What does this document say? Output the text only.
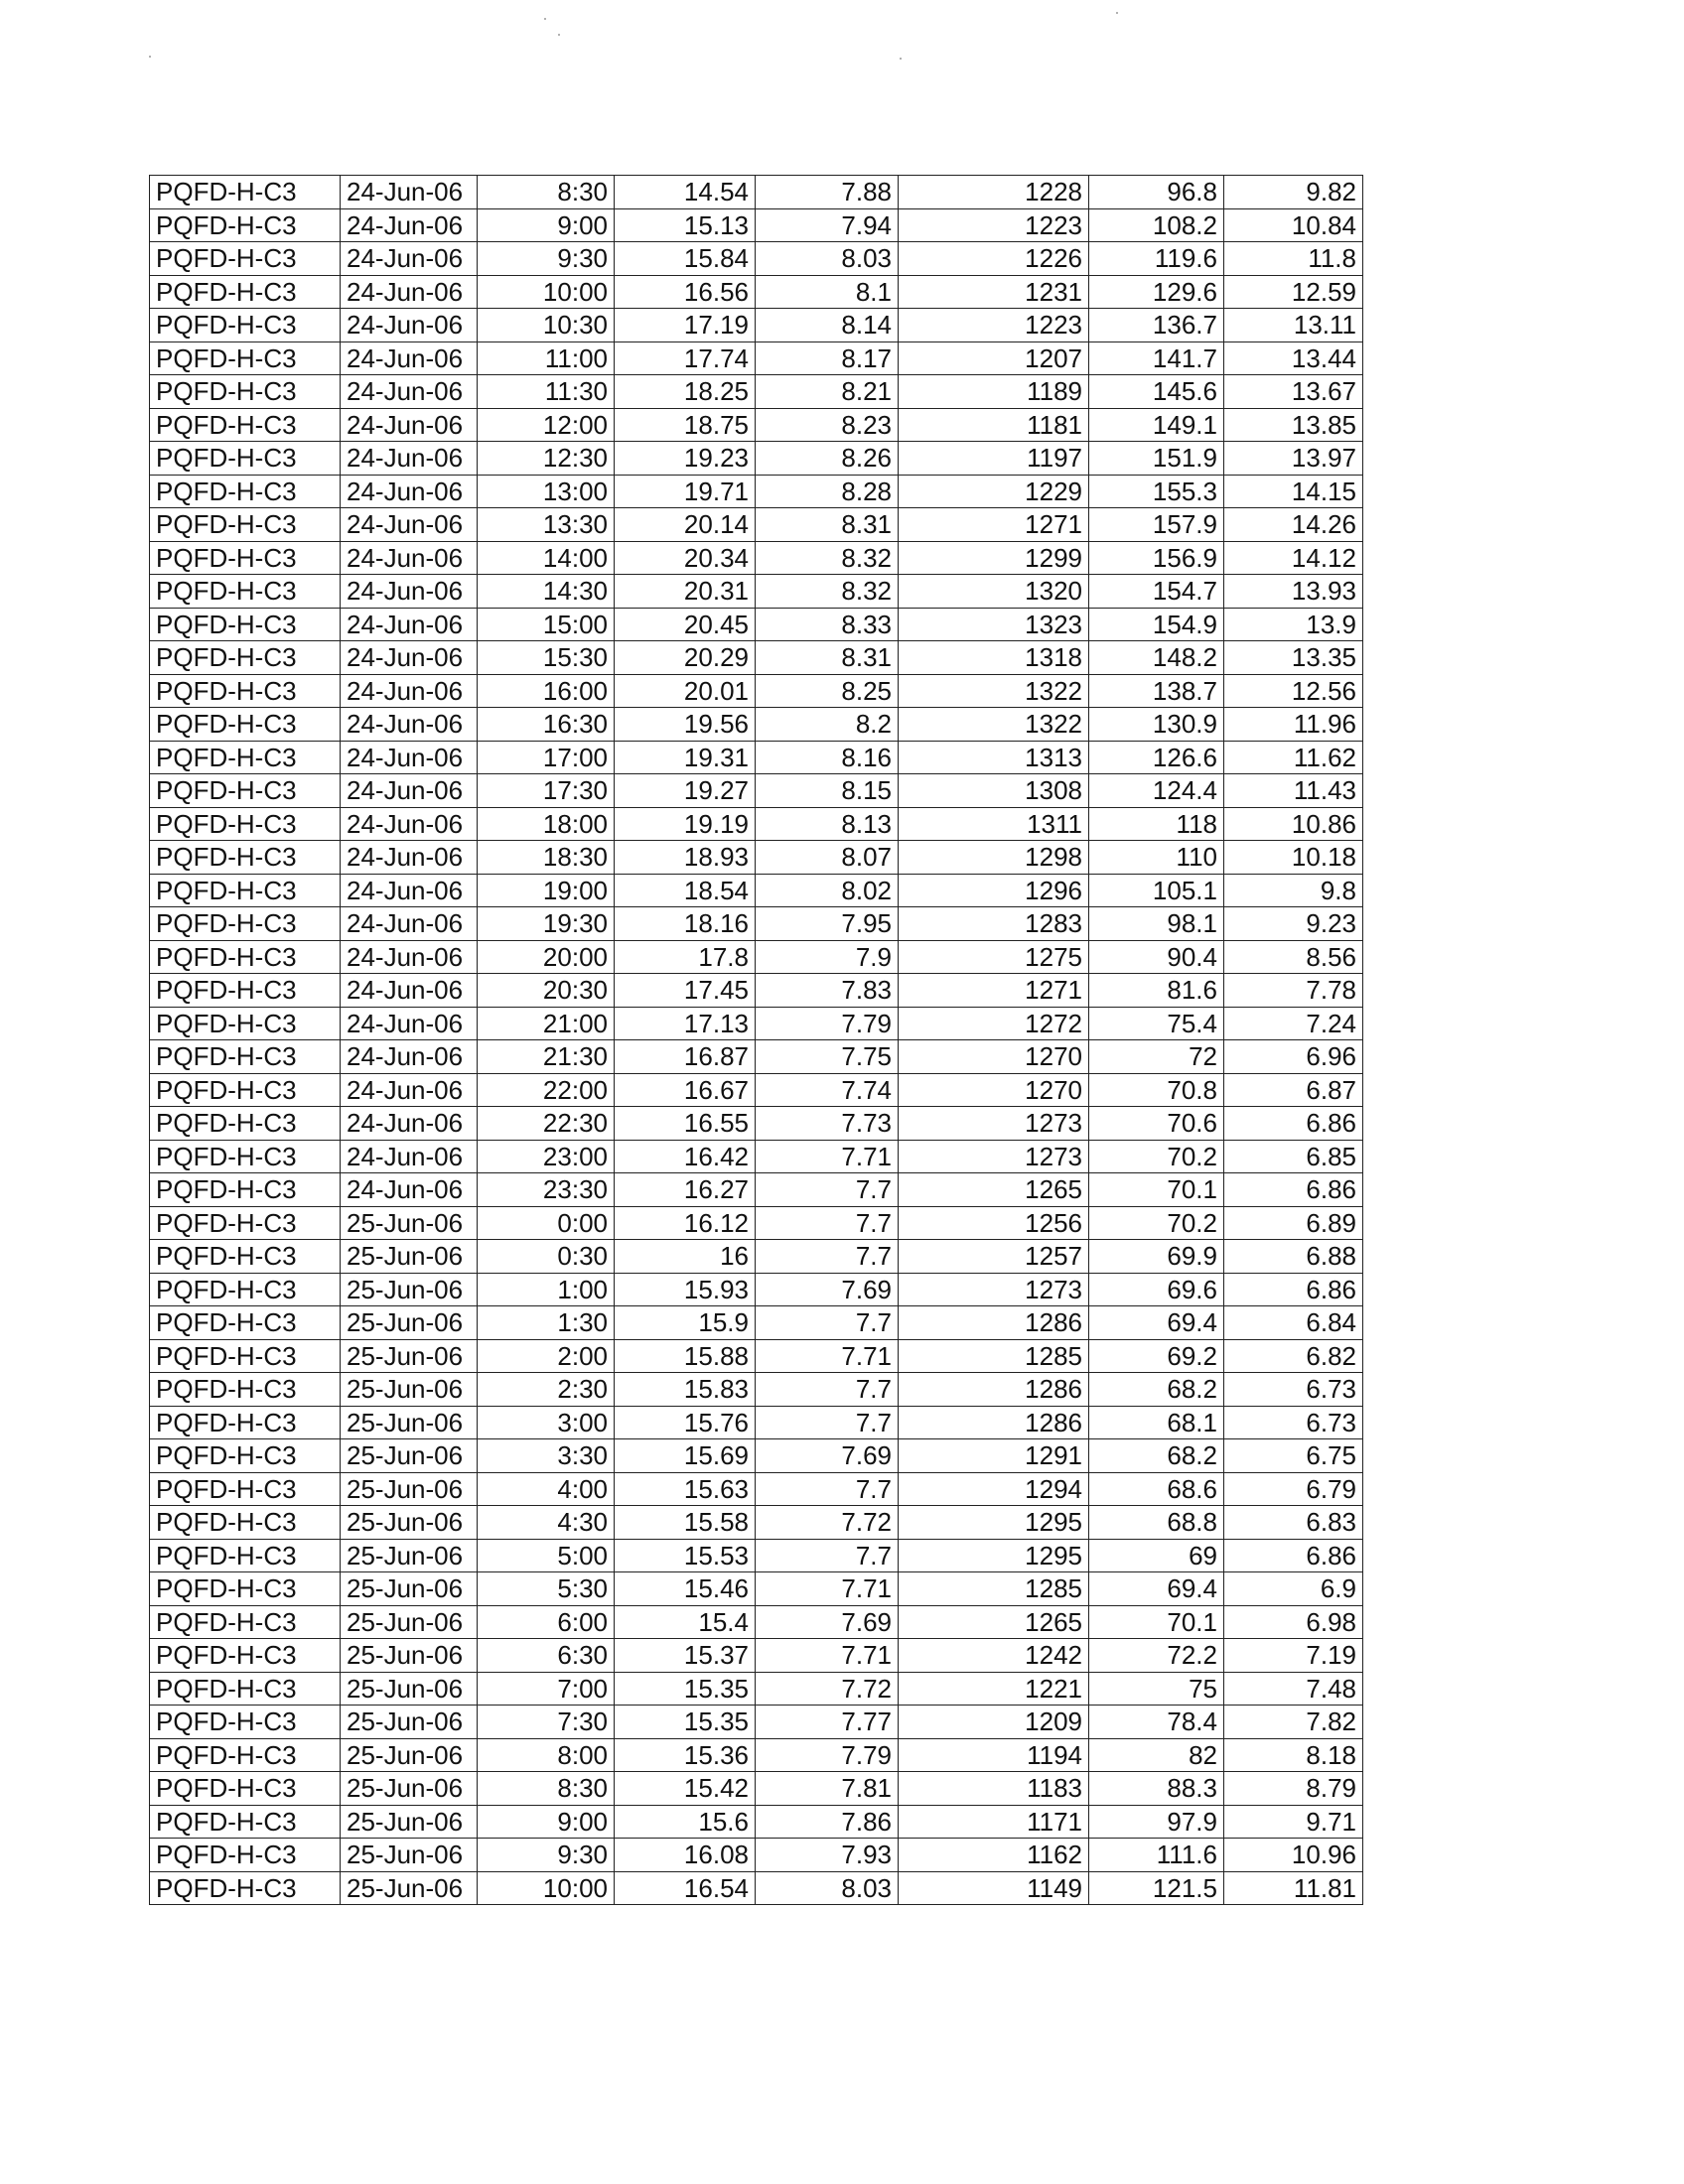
PQFD-H-C3	24-Jun-06	8:30	14.54	7.88	1228	96.8	9.82
PQFD-H-C3	24-Jun-06	9:00	15.13	7.94	1223	108.2	10.84
PQFD-H-C3	24-Jun-06	9:30	15.84	8.03	1226	119.6	11.8
PQFD-H-C3	24-Jun-06	10:00	16.56	8.1	1231	129.6	12.59
PQFD-H-C3	24-Jun-06	10:30	17.19	8.14	1223	136.7	13.11
PQFD-H-C3	24-Jun-06	11:00	17.74	8.17	1207	141.7	13.44
PQFD-H-C3	24-Jun-06	11:30	18.25	8.21	1189	145.6	13.67
PQFD-H-C3	24-Jun-06	12:00	18.75	8.23	1181	149.1	13.85
PQFD-H-C3	24-Jun-06	12:30	19.23	8.26	1197	151.9	13.97
PQFD-H-C3	24-Jun-06	13:00	19.71	8.28	1229	155.3	14.15
PQFD-H-C3	24-Jun-06	13:30	20.14	8.31	1271	157.9	14.26
PQFD-H-C3	24-Jun-06	14:00	20.34	8.32	1299	156.9	14.12
PQFD-H-C3	24-Jun-06	14:30	20.31	8.32	1320	154.7	13.93
PQFD-H-C3	24-Jun-06	15:00	20.45	8.33	1323	154.9	13.9
PQFD-H-C3	24-Jun-06	15:30	20.29	8.31	1318	148.2	13.35
PQFD-H-C3	24-Jun-06	16:00	20.01	8.25	1322	138.7	12.56
PQFD-H-C3	24-Jun-06	16:30	19.56	8.2	1322	130.9	11.96
PQFD-H-C3	24-Jun-06	17:00	19.31	8.16	1313	126.6	11.62
PQFD-H-C3	24-Jun-06	17:30	19.27	8.15	1308	124.4	11.43
PQFD-H-C3	24-Jun-06	18:00	19.19	8.13	1311	118	10.86
PQFD-H-C3	24-Jun-06	18:30	18.93	8.07	1298	110	10.18
PQFD-H-C3	24-Jun-06	19:00	18.54	8.02	1296	105.1	9.8
PQFD-H-C3	24-Jun-06	19:30	18.16	7.95	1283	98.1	9.23
PQFD-H-C3	24-Jun-06	20:00	17.8	7.9	1275	90.4	8.56
PQFD-H-C3	24-Jun-06	20:30	17.45	7.83	1271	81.6	7.78
PQFD-H-C3	24-Jun-06	21:00	17.13	7.79	1272	75.4	7.24
PQFD-H-C3	24-Jun-06	21:30	16.87	7.75	1270	72	6.96
PQFD-H-C3	24-Jun-06	22:00	16.67	7.74	1270	70.8	6.87
PQFD-H-C3	24-Jun-06	22:30	16.55	7.73	1273	70.6	6.86
PQFD-H-C3	24-Jun-06	23:00	16.42	7.71	1273	70.2	6.85
PQFD-H-C3	24-Jun-06	23:30	16.27	7.7	1265	70.1	6.86
PQFD-H-C3	25-Jun-06	0:00	16.12	7.7	1256	70.2	6.89
PQFD-H-C3	25-Jun-06	0:30	16	7.7	1257	69.9	6.88
PQFD-H-C3	25-Jun-06	1:00	15.93	7.69	1273	69.6	6.86
PQFD-H-C3	25-Jun-06	1:30	15.9	7.7	1286	69.4	6.84
PQFD-H-C3	25-Jun-06	2:00	15.88	7.71	1285	69.2	6.82
PQFD-H-C3	25-Jun-06	2:30	15.83	7.7	1286	68.2	6.73
PQFD-H-C3	25-Jun-06	3:00	15.76	7.7	1286	68.1	6.73
PQFD-H-C3	25-Jun-06	3:30	15.69	7.69	1291	68.2	6.75
PQFD-H-C3	25-Jun-06	4:00	15.63	7.7	1294	68.6	6.79
PQFD-H-C3	25-Jun-06	4:30	15.58	7.72	1295	68.8	6.83
PQFD-H-C3	25-Jun-06	5:00	15.53	7.7	1295	69	6.86
PQFD-H-C3	25-Jun-06	5:30	15.46	7.71	1285	69.4	6.9
PQFD-H-C3	25-Jun-06	6:00	15.4	7.69	1265	70.1	6.98
PQFD-H-C3	25-Jun-06	6:30	15.37	7.71	1242	72.2	7.19
PQFD-H-C3	25-Jun-06	7:00	15.35	7.72	1221	75	7.48
PQFD-H-C3	25-Jun-06	7:30	15.35	7.77	1209	78.4	7.82
PQFD-H-C3	25-Jun-06	8:00	15.36	7.79	1194	82	8.18
PQFD-H-C3	25-Jun-06	8:30	15.42	7.81	1183	88.3	8.79
PQFD-H-C3	25-Jun-06	9:00	15.6	7.86	1171	97.9	9.71
PQFD-H-C3	25-Jun-06	9:30	16.08	7.93	1162	111.6	10.96
PQFD-H-C3	25-Jun-06	10:00	16.54	8.03	1149	121.5	11.81
